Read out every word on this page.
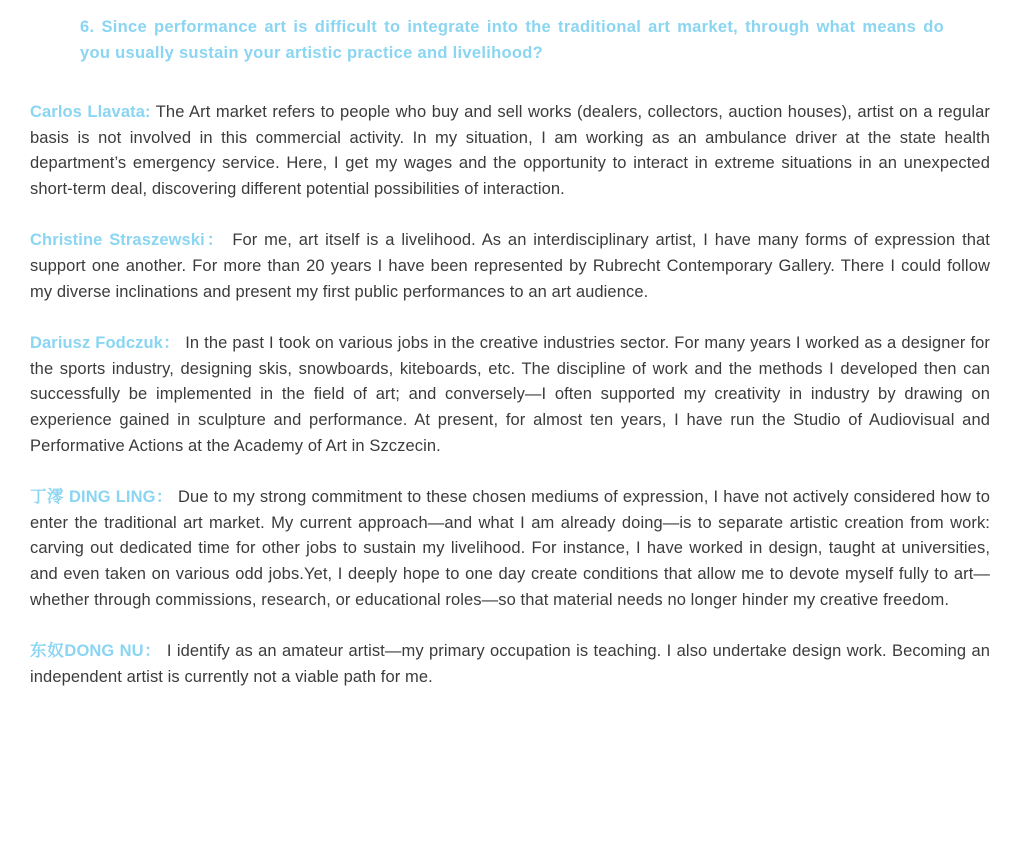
6. Since performance art is difficult to integrate into the traditional art market, through what means do you usually sustain your artistic practice and livelihood?

Carlos Llavata: The Art market refers to people who buy and sell works (dealers, collectors, auction houses), artist on a regular basis is not involved in this commercial activity. In my situation, I am working as an ambulance driver at the state health department’s emergency service. Here, I get my wages and the opportunity to interact in extreme situations in an unexpected short-term deal, discovering different potential possibilities of interaction.

Christine Straszewski： For me, art itself is a livelihood. As an interdisciplinary artist, I have many forms of expression that support one another. For more than 20 years I have been represented by Rubrecht Contemporary Gallery. There I could follow my diverse inclinations and present my first public performances to an art audience.

Dariusz Fodczuk： In the past I took on various jobs in the creative industries sector. For many years I worked as a designer for the sports industry, designing skis, snowboards, kiteboards, etc. The discipline of work and the methods I developed then can successfully be implemented in the field of art; and conversely—I often supported my creativity in industry by drawing on experience gained in sculpture and performance. At present, for almost ten years, I have run the Studio of Audiovisual and Performative Actions at the Academy of Art in Szczecin.

丁澪 DING LING： Due to my strong commitment to these chosen mediums of expression, I have not actively considered how to enter the traditional art market. My current approach—and what I am already doing—is to separate artistic creation from work: carving out dedicated time for other jobs to sustain my livelihood. For instance, I have worked in design, taught at universities, and even taken on various odd jobs.Yet, I deeply hope to one day create conditions that allow me to devote myself fully to art—whether through commissions, research, or educational roles—so that material needs no longer hinder my creative freedom.

东奴DONG NU： I identify as an amateur artist—my primary occupation is teaching. I also undertake design work. Becoming an independent artist is currently not a viable path for me.
